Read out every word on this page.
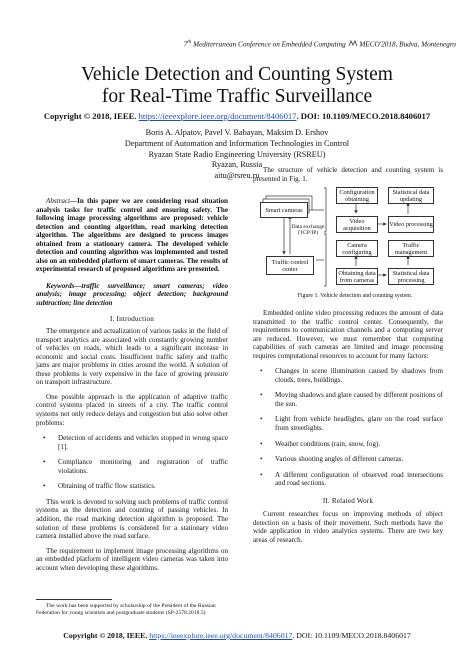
7th Mediterranean Conference on Embedded Computing MECO'2018, Budva, Montenegro
Vehicle Detection and Counting System
for Real-Time Traffic Surveillance
Copyright © 2018, IEEE. https://ieeexplore.ieee.org/document/8406017. DOI: 10.1109/MECO.2018.8406017
Boris A. Alpatov, Pavel V. Babayan, Maksim D. Ershov
Department of Automation and Information Technologies in Control
Ryazan State Radio Engineering University (RSREU)
Ryazan, Russia
aitu@rsreu.ru

Abstract—In this paper we are considering road situation analysis tasks for traffic control and ensuring safety. The following image processing algorithms are proposed: vehicle detection and counting algorithm, road marking detection algorithm. The algorithms are designed to process images obtained from a stationary camera. The developed vehicle detection and counting algorithm was implemented and tested also on an embedded platform of smart cameras. The results of experimental research of proposed algorithms are presented.

Keywords—traffic surveillance; smart cameras; video analysis; image processing; object detection; background subtraction; line detection

I. Introduction

The emergence and actualization of various tasks in the field of transport analytics are associated with constantly growing number of vehicles on roads, which leads to a significant increase in economic and social costs. Insufficient traffic safety and traffic jams are major problems in cities around the world. A solution of these problems is very expensive in the face of growing pressure on transport infrastructure.

One possible approach is the application of adaptive traffic control systems placed in streets of a city. The traffic control systems not only reduce delays and congestion but also solve other problems:

• Detection of accidents and vehicles stopped in wrong space [1].
• Compliance monitoring and registration of traffic violations.
• Obtaining of traffic flow statistics.

This work is devoted to solving such problems of traffic control systems as the detection and counting of passing vehicles. In addition, the road marking detection algorithm is proposed. The solution of these problems is considered for a stationary video camera installed above the road surface.

The requirement to implement image processing algorithms on an embedded platform of intelligent video cameras was taken into account when developing these algorithms.

The work has been supported by scholarship of the President of the Russian
Federation for young scientists and postgraduate students (SP-2578.2018.5)

The structure of vehicle detection and counting system is presented in Fig. 1.

Smart cameras
Data exchange (TCP/IP)
Traffic control center
Configuration obtaining
Video acquisition
Statistical data updating
Video processing
Camera configuring
Traffic management
Obtaining data from cameras
Statistical data processing
Figure 1. Vehicle detection and counting system.

Embedded online video processing reduces the amount of data transmitted to the traffic control center. Consequently, the requirements to communication channels and a computing server are reduced. However, we must remember that computing capabilities of such cameras are limited and image processing requires computational resources to account for many factors:

• Changes in scene illumination caused by shadows from clouds, trees, buildings.
• Moving shadows and glare caused by different positions of the sun.
• Light from vehicle headlights, glare on the road surface from streetlights.
• Weather conditions (rain, snow, fog).
• Various shooting angles of different cameras.
• A different configuration of observed road intersections and road sections.
II. Related Work

Current researches focus on improving methods of object detection on a basis of their movement. Such methods have the wide application in video analytics systems. There are two key areas of research.

Copyright © 2018, IEEE. https://ieeexplore.ieee.org/document/8406017. DOI: 10.1109/MECO.2018.8406017
